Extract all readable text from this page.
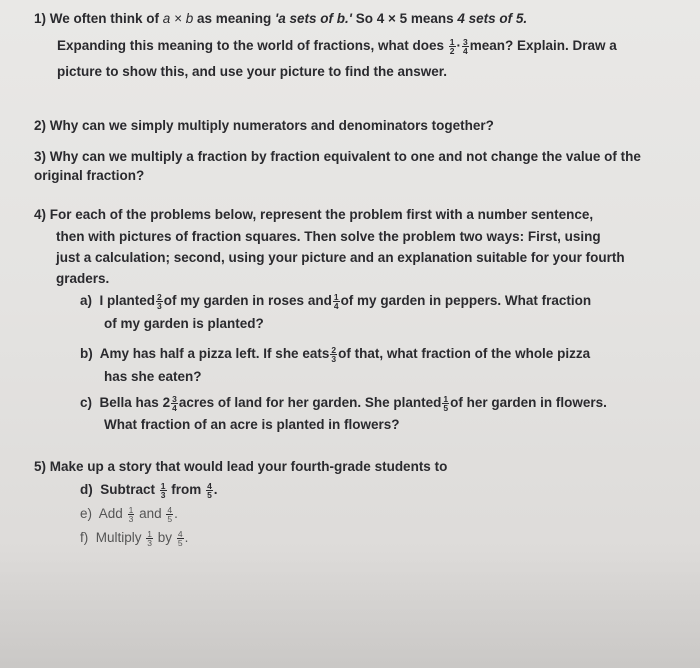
1) We often think of a × b as meaning 'a sets of b.' So 4 × 5 means 4 sets of 5.
Expanding this meaning to the world of fractions, what does $\frac{1}{2} \cdot \frac{3}{4}$ mean? Explain. Draw a
picture to show this, and use your picture to find the answer.
2) Why can we simply multiply numerators and denominators together?
3) Why can we multiply a fraction by fraction equivalent to one and not change the value of the
original fraction?
4) For each of the problems below, represent the problem first with a number sentence,
then with pictures of fraction squares. Then solve the problem two ways: First, using
just a calculation; second, using your picture and an explanation suitable for your fourth
graders.
a) I planted $\frac{2}{3}$ of my garden in roses and $\frac{1}{4}$ of my garden in peppers. What fraction
of my garden is planted?
b) Amy has half a pizza left. If she eats $\frac{2}{3}$ of that, what fraction of the whole pizza
has she eaten?
c) Bella has $2 \frac{3}{4}$ acres of land for her garden. She planted $\frac{1}{5}$ of her garden in flowers.
What fraction of an acre is planted in flowers?
5) Make up a story that would lead your fourth-grade students to
d) Subtract $\frac{1}{3}$ from $\frac{4}{5}$ .
e) Add $\frac{1}{3}$ and $\frac{4}{5}$ .
f) Multiply $\frac{1}{3}$ by $\frac{4}{5}$ .
